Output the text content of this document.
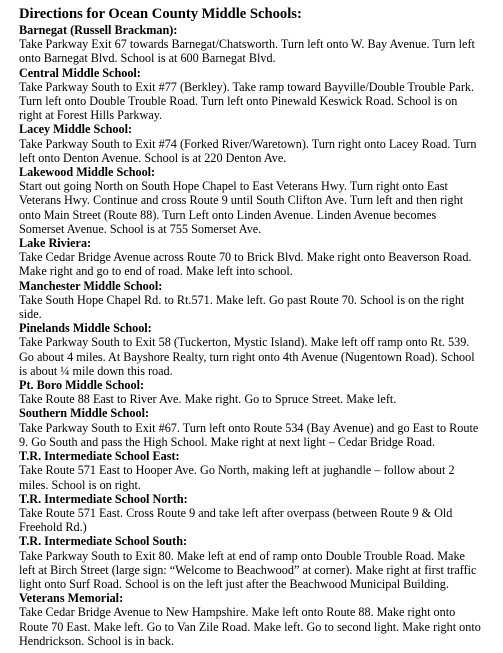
Directions for Ocean County Middle Schools:
Barnegat (Russell Brackman):

Take Parkway Exit 67 towards Barnegat/Chatsworth. Turn left onto W. Bay Avenue. Turn left onto Barnegat Blvd. School is at 600 Barnegat Blvd.

Central Middle School:

Take Parkway South to Exit #77 (Berkley). Take ramp toward Bayville/Double Trouble Park. Turn left onto Double Trouble Road. Turn left onto Pinewald Keswick Road. School is on right at Forest Hills Parkway.

Lacey Middle School:

Take Parkway South to Exit #74 (Forked River/Waretown). Turn right onto Lacey Road. Turn left onto Denton Avenue. School is at 220 Denton Ave.

Lakewood Middle School:

Start out going North on South Hope Chapel to East Veterans Hwy. Turn right onto East Veterans Hwy. Continue and cross Route 9 until South Clifton Ave. Turn left and then right onto Main Street (Route 88). Turn Left onto Linden Avenue. Linden Avenue becomes Somerset Avenue. School is at 755 Somerset Ave.

Lake Riviera:

Take Cedar Bridge Avenue across Route 70 to Brick Blvd. Make right onto Beaverson Road. Make right and go to end of road. Make left into school.

Manchester Middle School:

Take South Hope Chapel Rd. to Rt.571. Make left. Go past Route 70. School is on the right side.

Pinelands Middle School:

Take Parkway South to Exit 58 (Tuckerton, Mystic Island). Make left off ramp onto Rt. 539. Go about 4 miles. At Bayshore Realty, turn right onto 4th Avenue (Nugentown Road). School is about ¼ mile down this road.

Pt. Boro Middle School:

Take Route 88 East to River Ave. Make right. Go to Spruce Street. Make left.

Southern Middle School:

Take Parkway South to Exit #67. Turn left onto Route 534 (Bay Avenue) and go East to Route 9. Go South and pass the High School. Make right at next light – Cedar Bridge Road.

T.R. Intermediate School East:

Take Route 571 East to Hooper Ave. Go North, making left at jughandle – follow about 2 miles. School is on right.

T.R. Intermediate School North:

Take Route 571 East. Cross Route 9 and take left after overpass (between Route 9 & Old Freehold Rd.)

T.R. Intermediate School South:

Take Parkway South to Exit 80. Make left at end of ramp onto Double Trouble Road. Make left at Birch Street (large sign: “Welcome to Beachwood” at corner). Make right at first traffic light onto Surf Road. School is on the left just after the Beachwood Municipal Building.

Veterans Memorial:

Take Cedar Bridge Avenue to New Hampshire. Make left onto Route 88. Make right onto Route 70 East. Make left. Go to Van Zile Road. Make left. Go to second light. Make right onto Hendrickson. School is in back.
